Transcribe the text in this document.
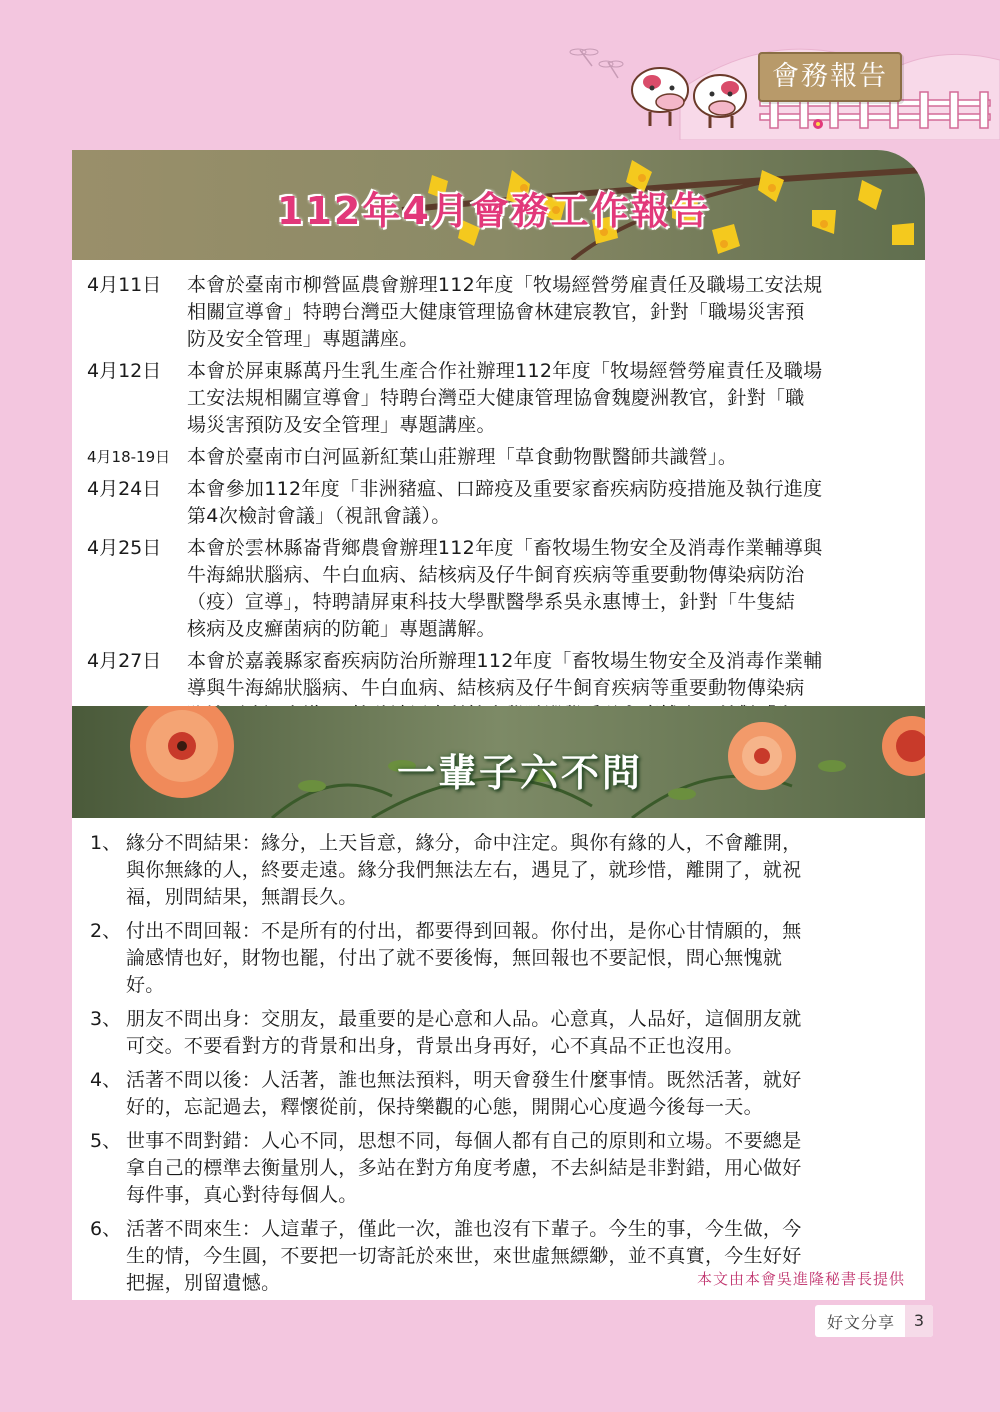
會務報告
112年4月會務工作報告
4月11日	本會於臺南市柳營區農會辦理112年度「牧場經營勞雇責任及職場工安法規
相關宣導會」特聘台灣亞大健康管理協會林建宸教官，針對「職場災害預
防及安全管理」專題講座。
4月12日	本會於屏東縣萬丹生乳生產合作社辦理112年度「牧場經營勞雇責任及職場
工安法規相關宣導會」特聘台灣亞大健康管理協會魏慶洲教官，針對「職
場災害預防及安全管理」專題講座。
4月18-19日 本會於臺南市白河區新紅葉山莊辦理「草食動物獸醫師共識營」。
4月24日	本會參加112年度「非洲豬瘟、口蹄疫及重要家畜疾病防疫措施及執行進度
第4次檢討會議」（視訊會議）。
4月25日	本會於雲林縣崙背鄉農會辦理112年度「畜牧場生物安全及消毒作業輔導與
牛海綿狀腦病、牛白血病、結核病及仔牛飼育疾病等重要動物傳染病防治
（疫）宣導」，特聘請屏東科技大學獸醫學系吳永惠博士，針對「牛隻結
核病及皮癬菌病的防範」專題講解。
4月27日	本會於嘉義縣家畜疾病防治所辦理112年度「畜牧場生物安全及消毒作業輔
導與牛海綿狀腦病、牛白血病、結核病及仔牛飼育疾病等重要動物傳染病
一輩子六不問
1、 緣分不問結果：緣分，上天旨意，緣分，命中注定。與你有緣的人，不會離開，
與你無緣的人，終要走遠。緣分我們無法左右，遇見了，就珍惜，離開了，就祝
福，別問結果，無謂長久。
2、 付出不問回報：不是所有的付出，都要得到回報。你付出，是你心甘情願的，無
論感情也好，財物也罷，付出了就不要後悔，無回報也不要記恨，問心無愧就
好。
3、 朋友不問出身：交朋友，最重要的是心意和人品。心意真，人品好，這個朋友就
可交。不要看對方的背景和出身，背景出身再好，心不真品不正也沒用。
4、 活著不問以後：人活著，誰也無法預料，明天會發生什麼事情。既然活著，就好
好的，忘記過去，釋懷從前，保持樂觀的心態，開開心心度過今後每一天。
5、 世事不問對錯：人心不同，思想不同，每個人都有自己的原則和立場。不要總是
拿自己的標準去衡量別人，多站在對方角度考慮，不去糾結是非對錯，用心做好
每件事，真心對待每個人。
6、 活著不問來生：人這輩子，僅此一次，誰也沒有下輩子。今生的事，今生做，今
生的情，今生圓，不要把一切寄託於來世，來世虛無縹緲，並不真實，今生好好
把握，別留遺憾。	本文由本會吳進隆秘書長提供
好文分享	3
